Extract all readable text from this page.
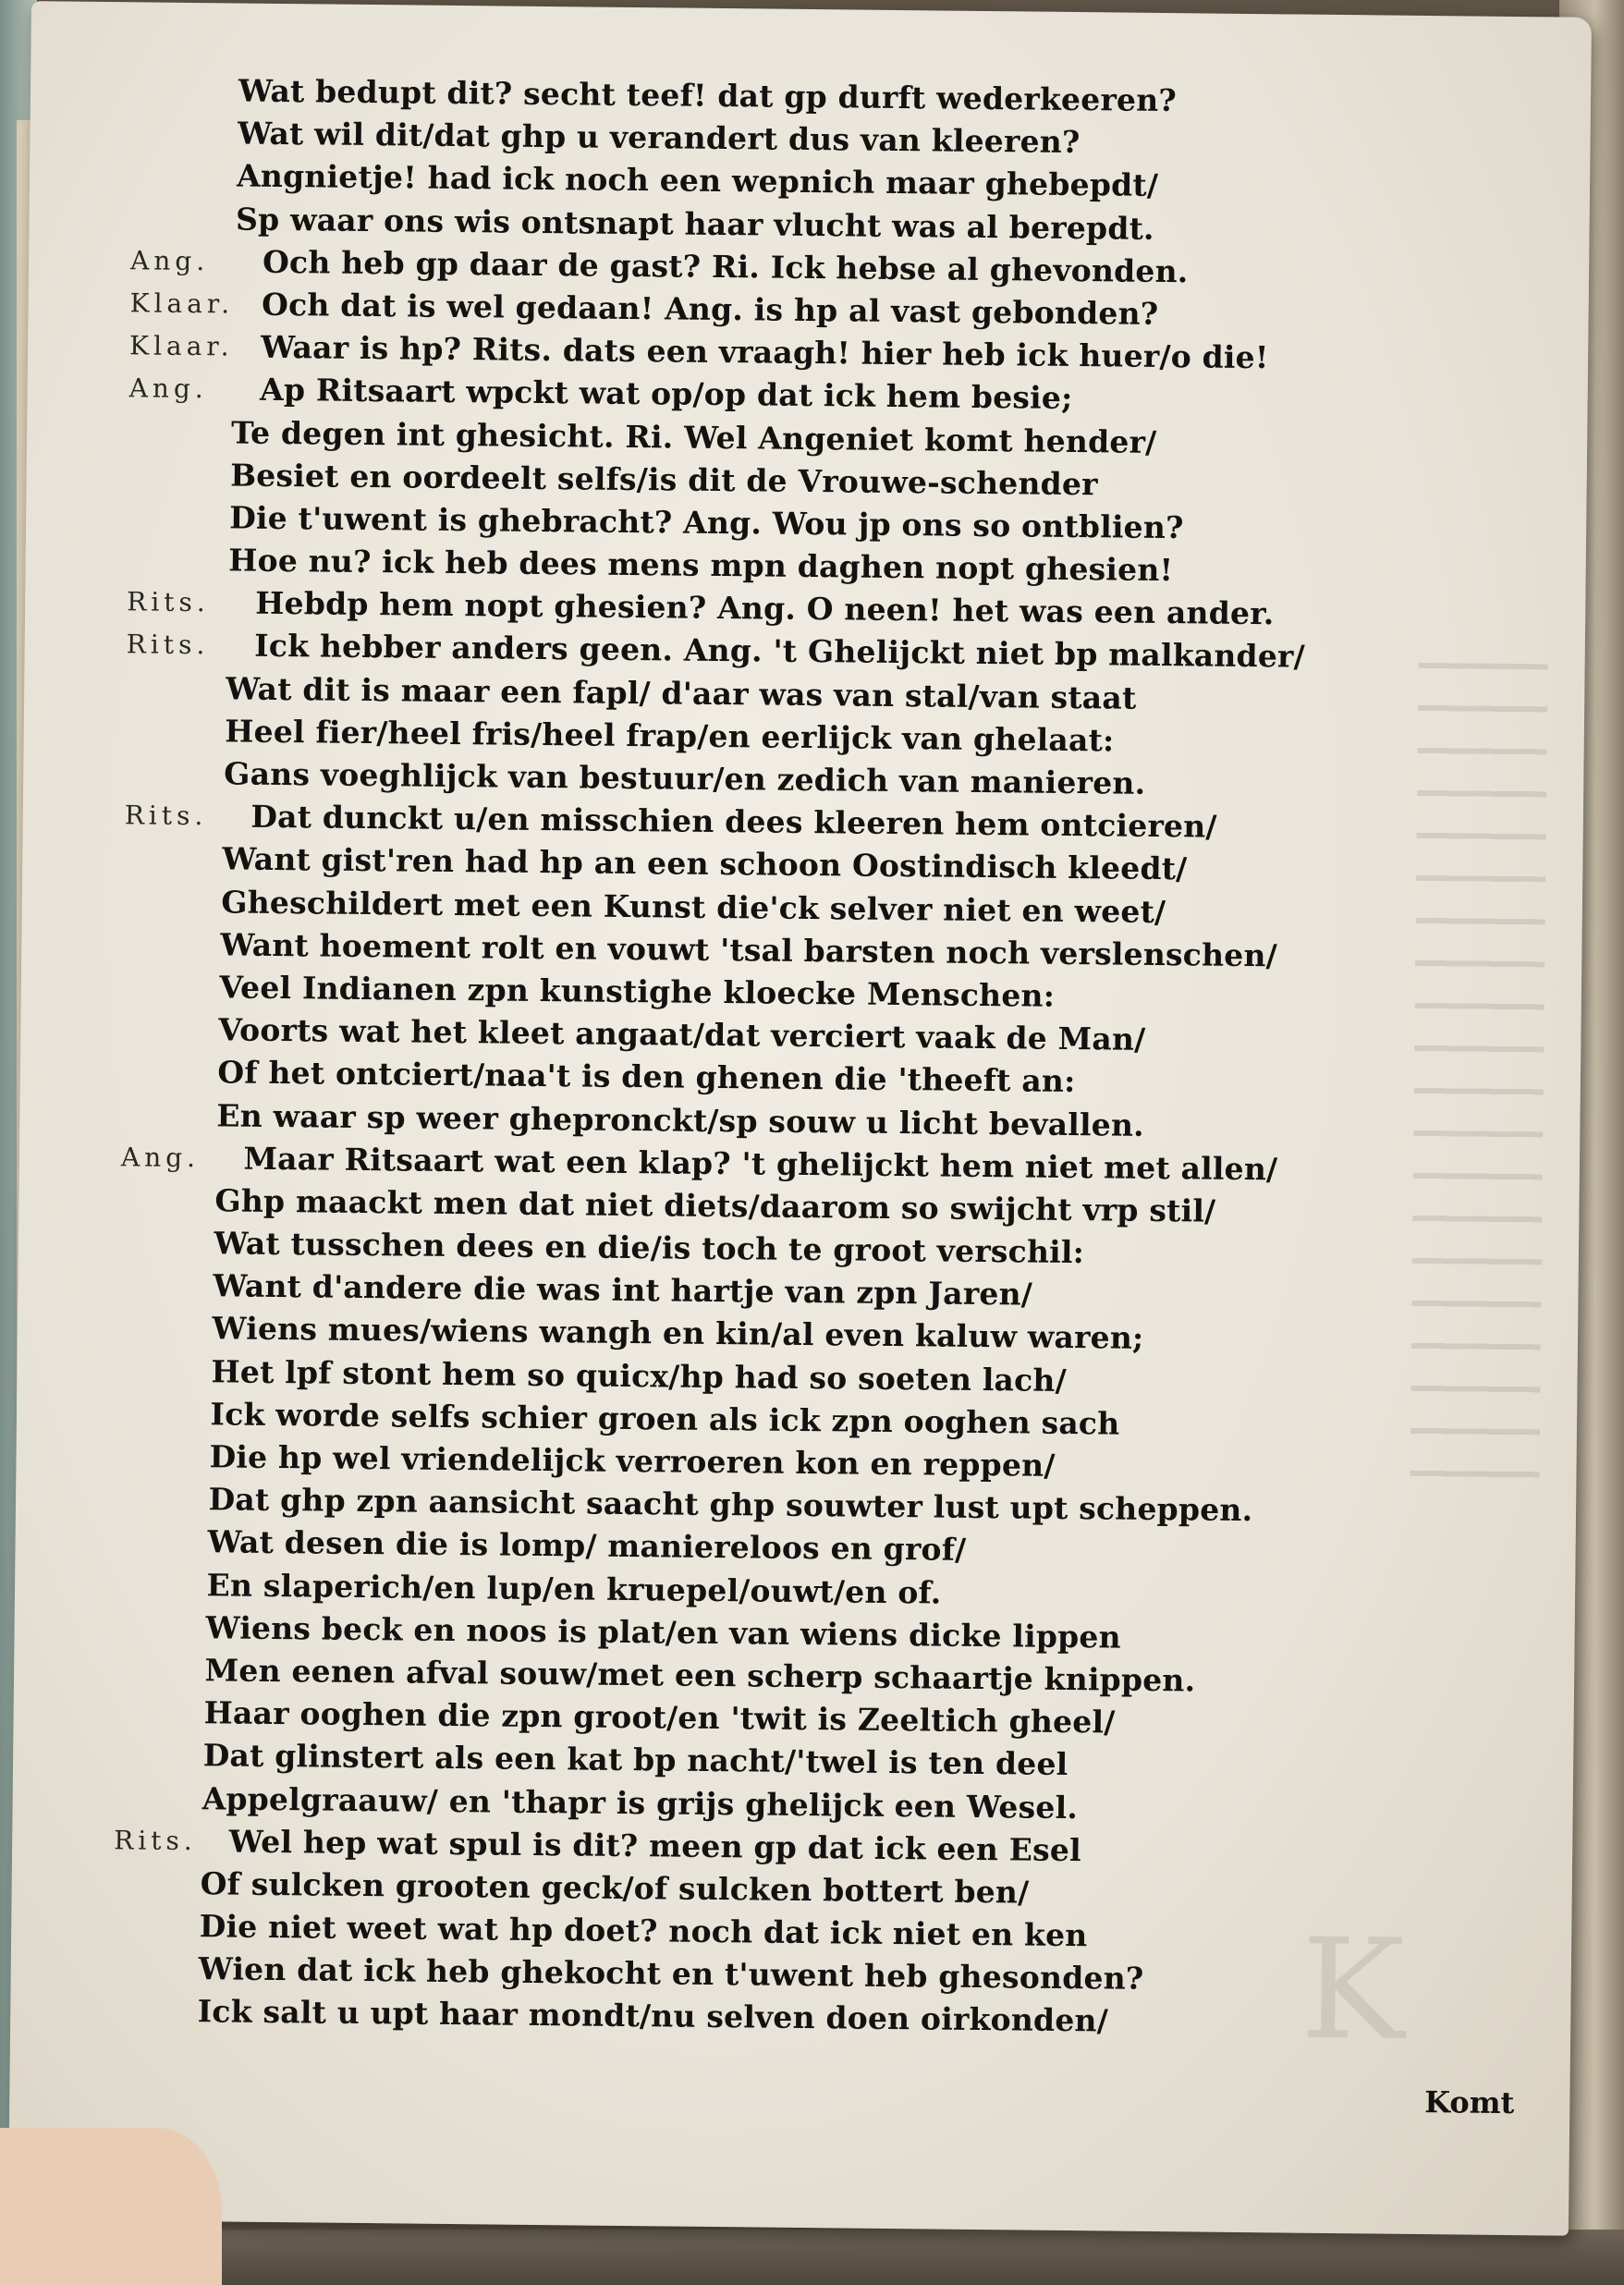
K
Wat bedupt dit? secht teef! dat gp durft wederkeeren?
Wat wil dit/dat ghp u verandert dus van kleeren?
Angnietje! had ick noch een wepnich maar ghebepdt/
Sp waar ons wis ontsnapt haar vlucht was al berepdt.
Ang. Och heb gp daar de gast? Ri. Ick hebse al ghevonden.
Klaar. Och dat is wel gedaan! Ang. is hp al vast gebonden?
Klaar. Waar is hp? Rits. dats een vraagh! hier heb ick huer/o die!
Ang. Ap Ritsaart wpckt wat op/op dat ick hem besie;
Te degen int ghesicht. Ri. Wel Angeniet komt hender/
Besiet en oordeelt selfs/is dit de Vrouwe-schender
Die t'uwent is ghebracht? Ang. Wou jp ons so ontblien?
Hoe nu? ick heb dees mens mpn daghen nopt ghesien!
Rits. Hebdp hem nopt ghesien? Ang. O neen! het was een ander.
Rits. Ick hebber anders geen. Ang. 't Ghelijckt niet bp malkander/
Wat dit is maar een fapl/ d'aar was van stal/van staat
Heel fier/heel fris/heel frap/en eerlijck van ghelaat:
Gans voeghlijck van bestuur/en zedich van manieren.
Rits. Dat dunckt u/en misschien dees kleeren hem ontcieren/
Want gist'ren had hp an een schoon Oostindisch kleedt/
Gheschildert met een Kunst die'ck selver niet en weet/
Want hoement rolt en vouwt 'tsal barsten noch verslenschen/
Veel Indianen zpn kunstighe kloecke Menschen:
Voorts wat het kleet angaat/dat verciert vaak de Man/
Of het ontciert/naa't is den ghenen die 'theeft an:
En waar sp weer ghepronckt/sp souw u licht bevallen.
Ang. Maar Ritsaart wat een klap? 't ghelijckt hem niet met allen/
Ghp maackt men dat niet diets/daarom so swijcht vrp stil/
Wat tusschen dees en die/is toch te groot verschil:
Want d'andere die was int hartje van zpn Jaren/
Wiens mues/wiens wangh en kin/al even kaluw waren;
Het lpf stont hem so quicx/hp had so soeten lach/
Ick worde selfs schier groen als ick zpn ooghen sach
Die hp wel vriendelijck verroeren kon en reppen/
Dat ghp zpn aansicht saacht ghp souwter lust upt scheppen.
Wat desen die is lomp/ maniereloos en grof/
En slaperich/en lup/en kruepel/ouwt/en of.
Wiens beck en noos is plat/en van wiens dicke lippen
Men eenen afval souw/met een scherp schaartje knippen.
Haar ooghen die zpn groot/en 'twit is Zeeltich gheel/
Dat glinstert als een kat bp nacht/'twel is ten deel
Appelgraauw/ en 'thapr is grijs ghelijck een Wesel.
Rits. Wel hep wat spul is dit? meen gp dat ick een Esel
Of sulcken grooten geck/of sulcken bottert ben/
Die niet weet wat hp doet? noch dat ick niet en ken
Wien dat ick heb ghekocht en t'uwent heb ghesonden?
Ick salt u upt haar mondt/nu selven doen oirkonden/
Komt
